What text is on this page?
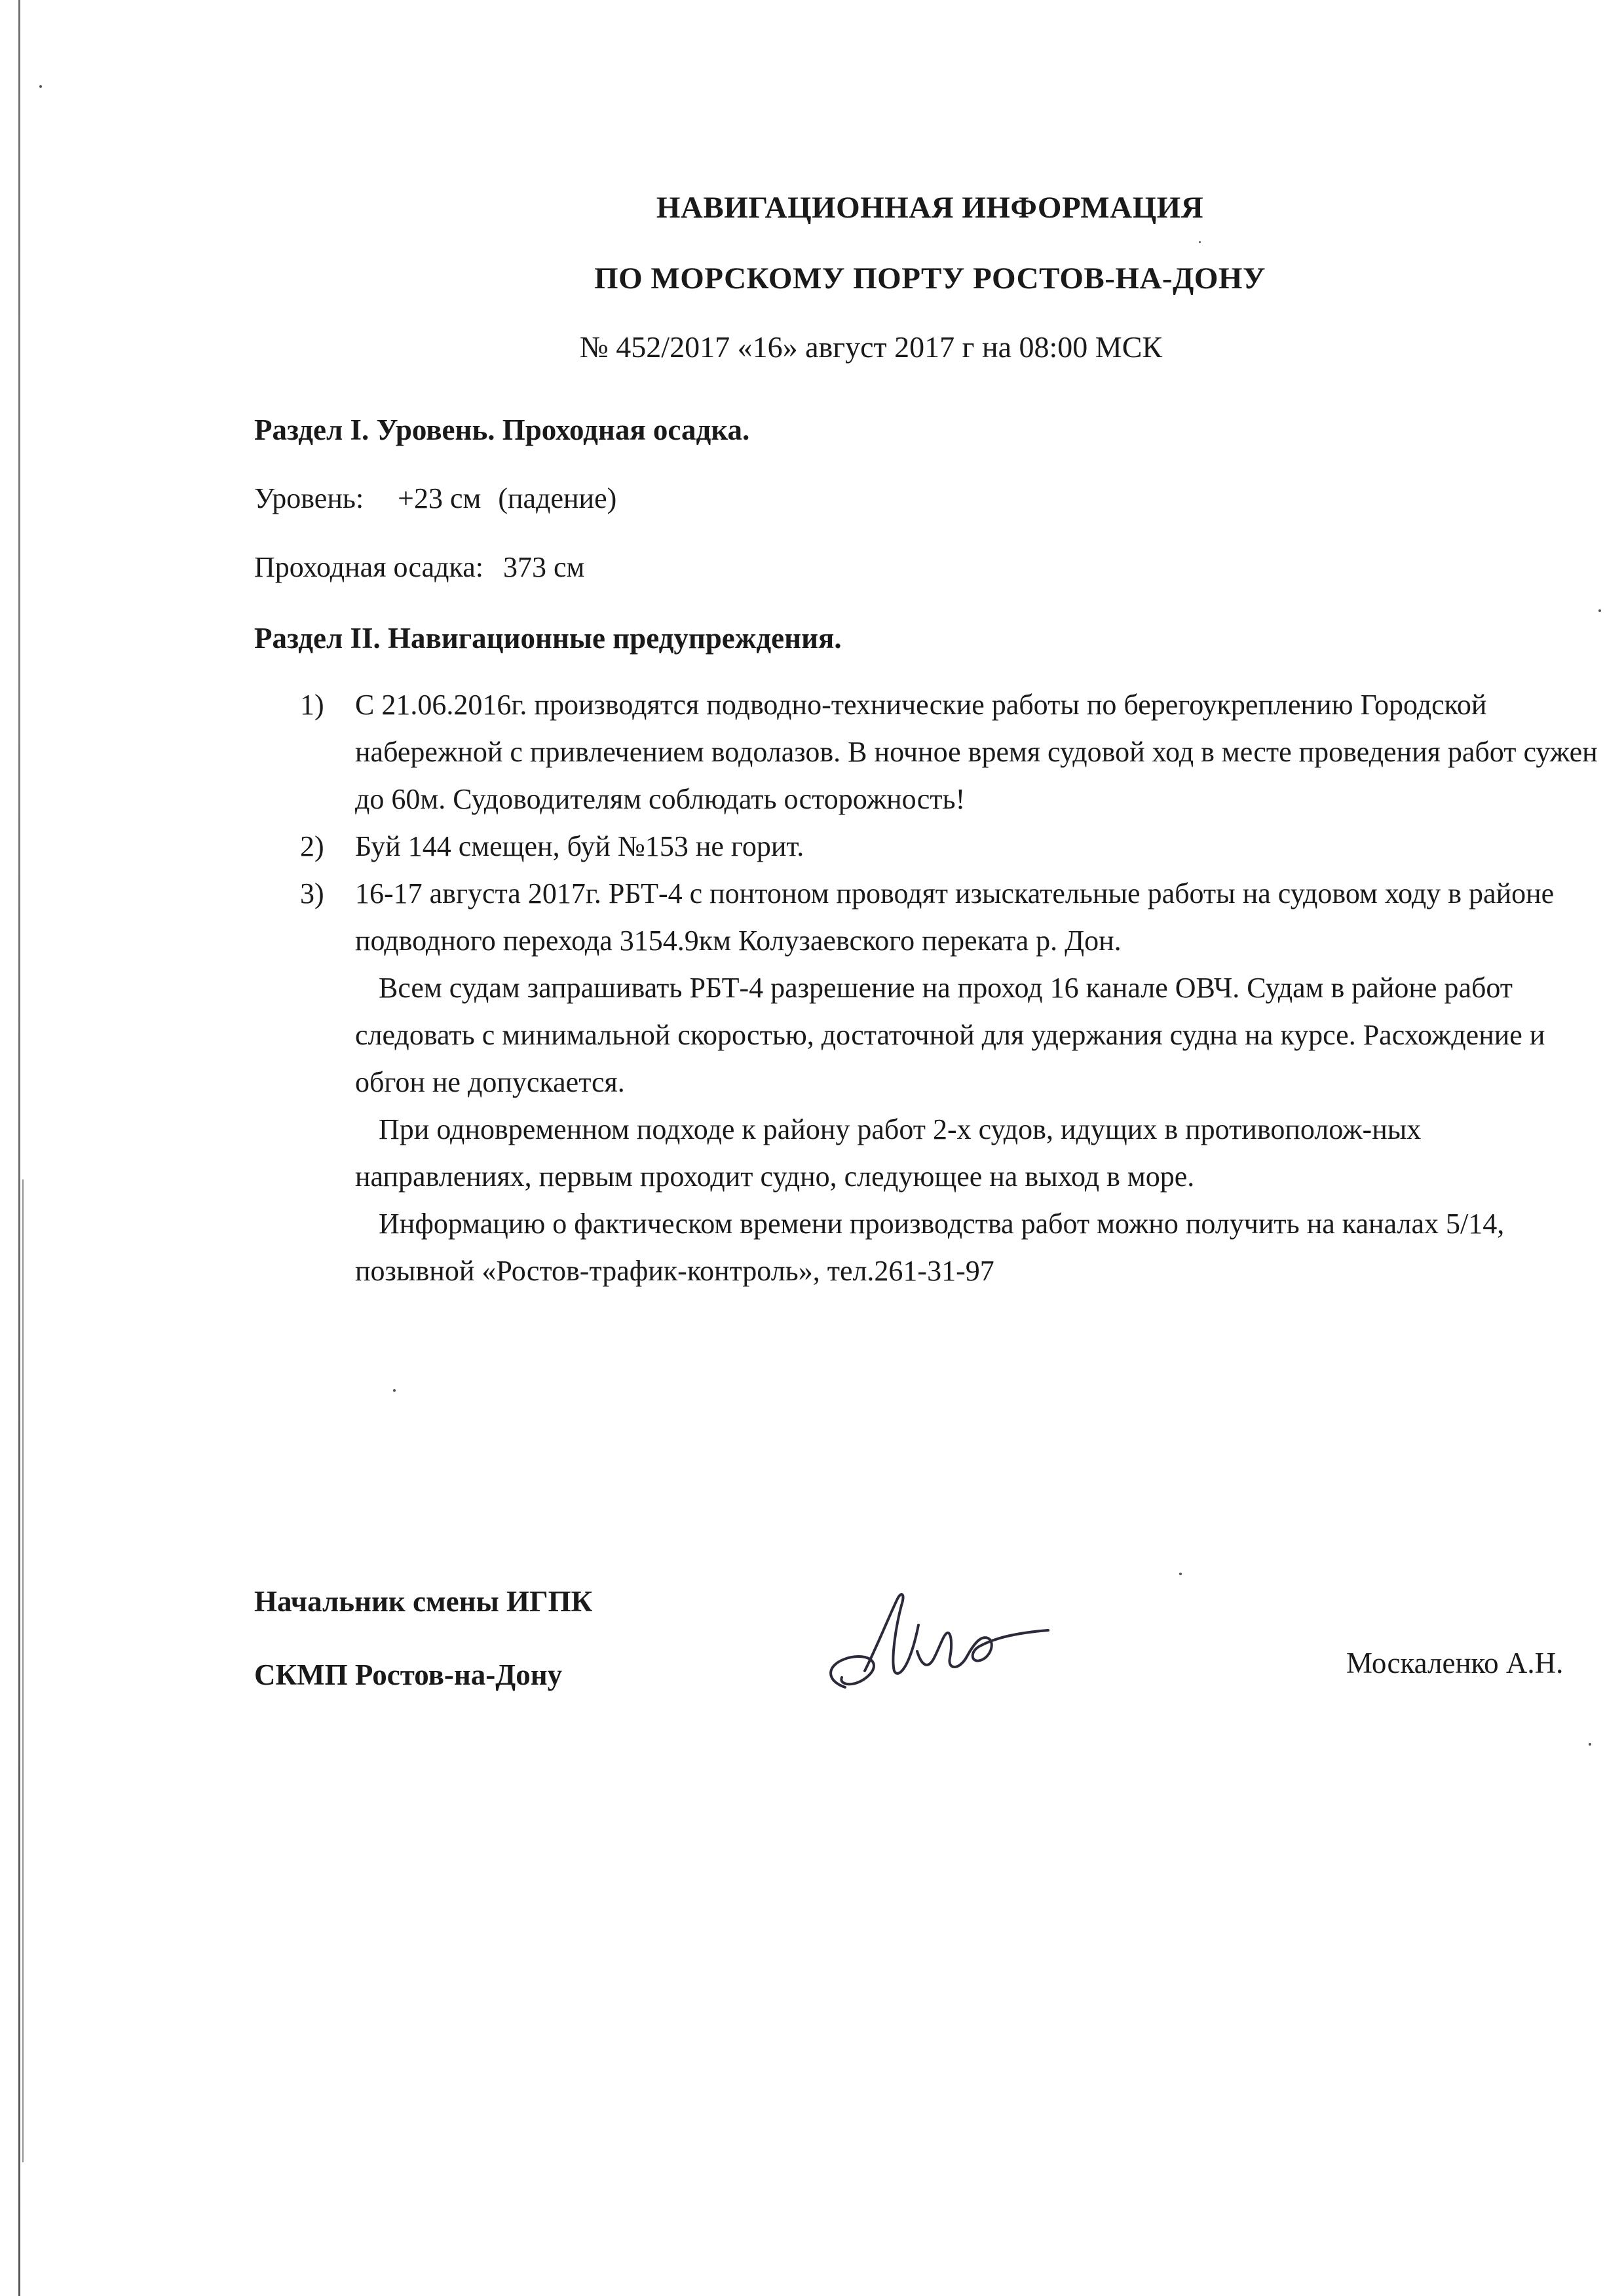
НАВИГАЦИОННАЯ ИНФОРМАЦИЯ
ПО МОРСКОМУ ПОРТУ РОСТОВ-НА-ДОНУ
№ 452/2017 «16» август 2017 г на 08:00 МСК
Раздел I. Уровень. Проходная осадка.
Уровень: +23 см (падение)
Проходная осадка: 373 см
Раздел II. Навигационные предупреждения.
1) С 21.06.2016г. производятся подводно-технические работы по берегоукреплению Городской набережной с привлечением водолазов. В ночное время судовой ход в месте проведения работ сужен до 60м. Судоводителям соблюдать осторожность!

2) Буй 144 смещен, буй №153 не горит.

3) 16-17 августа 2017г. РБТ-4 с понтоном проводят изыскательные работы на судовом ходу в районе подводного перехода 3154.9км Колузаевского переката р. Дон.

Всем судам запрашивать РБТ-4 разрешение на проход 16 канале ОВЧ. Судам в районе работ следовать с минимальной скоростью, достаточной для удержания судна на курсе. Расхождение и обгон не допускается.

При одновременном подходе к району работ 2-х судов, идущих в противополож-ных направлениях, первым проходит судно, следующее на выход в море.

Информацию о фактическом времени производства работ можно получить на каналах 5/14, позывной «Ростов-трафик-контроль», тел.261-31-97

Начальник смены ИГПК
СКМП Ростов-на-Дону	Москаленко А.Н.
